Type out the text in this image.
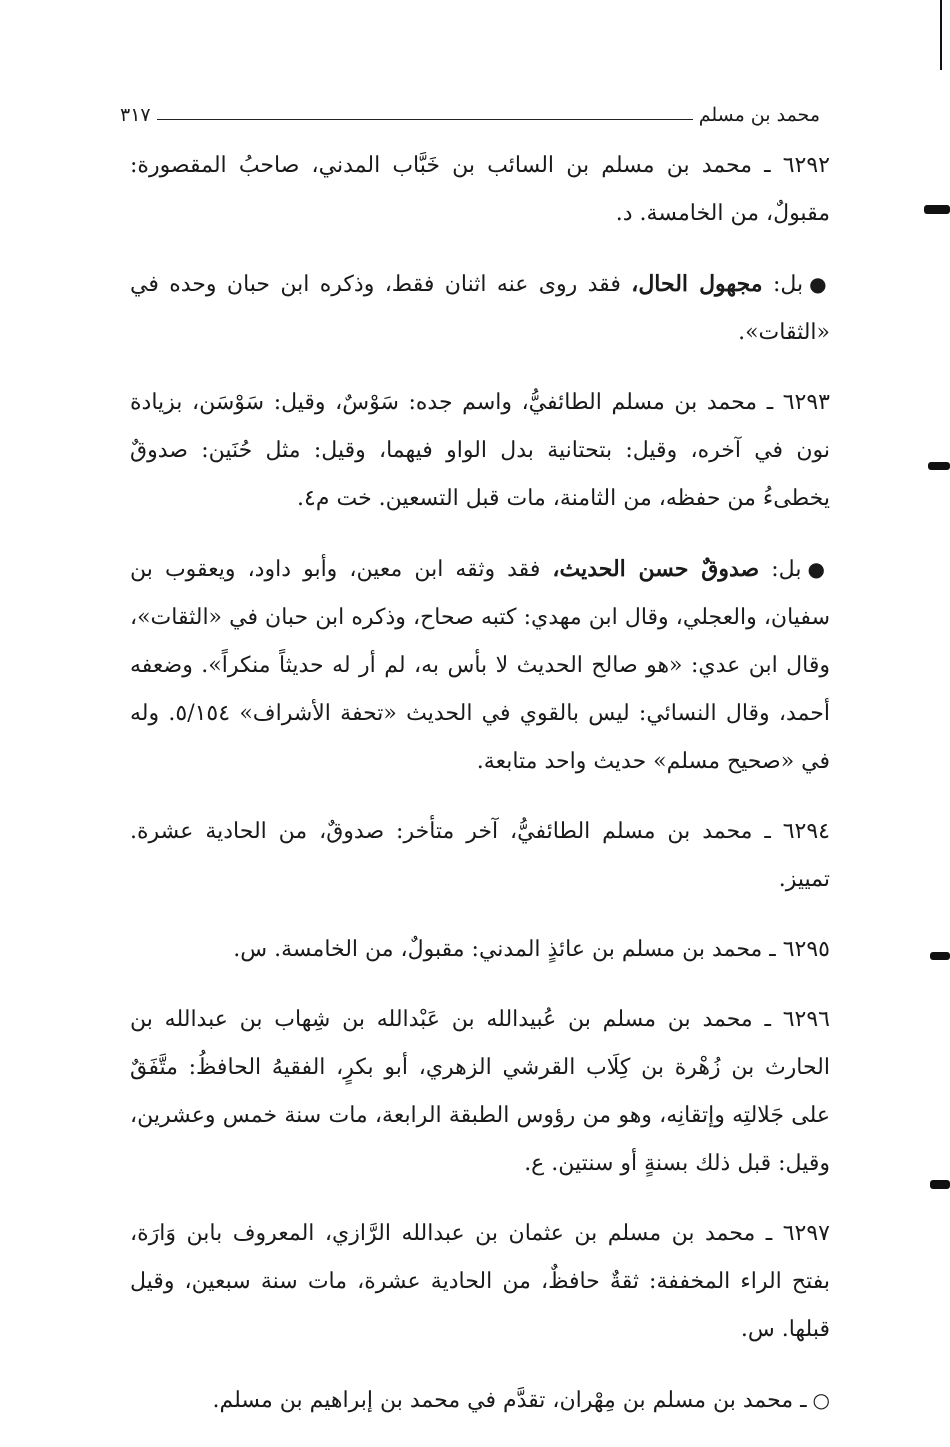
محمد بن مسلم
٣١٧

٦٢٩٢ ـ محمد بن مسلم بن السائب بن خَبَّاب المدني، صاحبُ المقصورة: مقبولٌ، من الخامسة. د.

●بل: مجهول الحال، فقد روى عنه اثنان فقط، وذكره ابن حبان وحده في «الثقات».

٦٢٩٣ ـ محمد بن مسلم الطائفيُّ، واسم جده: سَوْسٌ، وقيل: سَوْسَن، بزيادة نون في آخره، وقيل: بتحتانية بدل الواو فيهما، وقيل: مثل حُنَين: صدوقٌ يخطىءُ من حفظه، من الثامنة، مات قبل التسعين. خت م٤.

●بل: صدوقٌ حسن الحديث، فقد وثقه ابن معين، وأبو داود، ويعقوب بن سفيان، والعجلي، وقال ابن مهدي: كتبه صحاح، وذكره ابن حبان في «الثقات»، وقال ابن عدي: «هو صالح الحديث لا بأس به، لم أر له حديثاً منكراً». وضعفه أحمد، وقال النسائي: ليس بالقوي في الحديث «تحفة الأشراف» ٥/١٥٤. وله في «صحيح مسلم» حديث واحد متابعة.

٦٢٩٤ ـ محمد بن مسلم الطائفيُّ، آخر متأخر: صدوقٌ، من الحادية عشرة. تمييز.

٦٢٩٥ ـ محمد بن مسلم بن عائذٍ المدني: مقبولٌ، من الخامسة. س.

٦٢٩٦ ـ محمد بن مسلم بن عُبيدالله بن عَبْدالله بن شِهاب بن عبدالله بن الحارث بن زُهْرة بن كِلَاب القرشي الزهري، أبو بكرٍ، الفقيهُ الحافظُ: متَّفَقٌ على جَلالتِه وإتقانِه، وهو من رؤوس الطبقة الرابعة، مات سنة خمس وعشرين، وقيل: قبل ذلك بسنةٍ أو سنتين. ع.

٦٢٩٧ ـ محمد بن مسلم بن عثمان بن عبدالله الرَّازي، المعروف بابن وَارَة، بفتح الراء المخففة: ثقةٌ حافظٌ، من الحادية عشرة، مات سنة سبعين، وقيل قبلها. س.

○ـ محمد بن مسلم بن مِهْران، تقدَّم في محمد بن إبراهيم بن مسلم.
